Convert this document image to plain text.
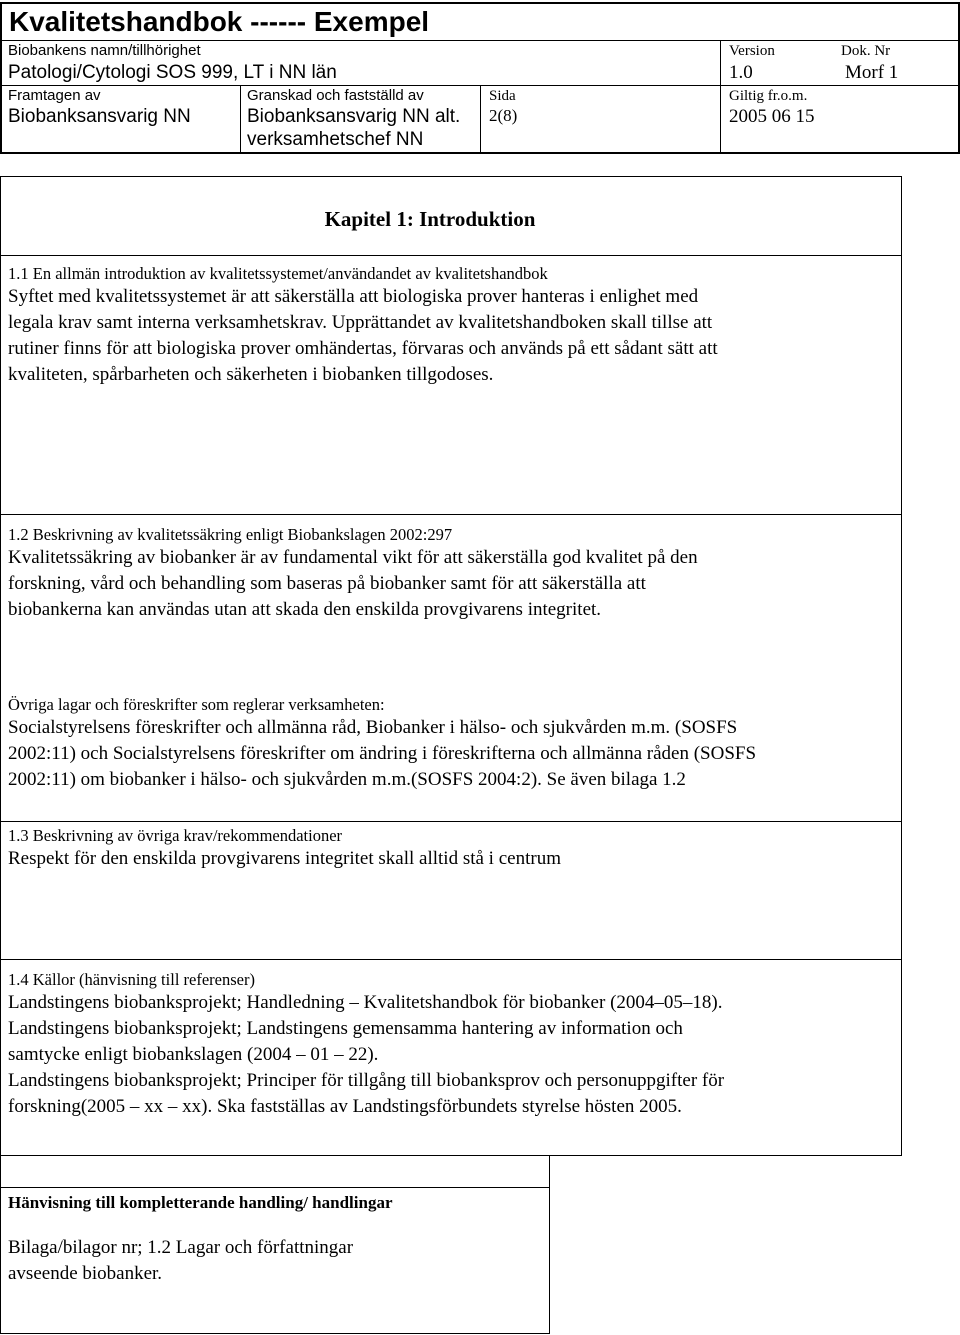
Kvalitetshandbok ------ Exempel
Biobankens namn/tillhörighet
Patologi/Cytologi SOS 999, LT i NN län
Version
1.0
Dok. Nr
Morf 1
Framtagen av
Biobanksansvarig NN
Granskad och fastställd av
Biobanksansvarig NN alt.
verksamhetschef NN
Sida
2(8)
Giltig fr.o.m.
2005 06 15
Kapitel 1: Introduktion
1.1 En allmän introduktion av kvalitetssystemet/användandet av kvalitetshandbok
Syftet med kvalitetssystemet är att säkerställa att biologiska prover hanteras i enlighet med
legala krav samt interna verksamhetskrav. Upprättandet av kvalitetshandboken skall tillse att
rutiner finns för att biologiska prover omhändertas, förvaras och används på ett sådant sätt att
kvaliteten, spårbarheten och säkerheten i biobanken tillgodoses.
1.2 Beskrivning av kvalitetssäkring enligt Biobankslagen 2002:297
Kvalitetssäkring av biobanker är av fundamental vikt för att säkerställa god kvalitet på den
forskning, vård och behandling som baseras på biobanker samt för att säkerställa att
biobankerna kan användas utan att skada den enskilda provgivarens integritet.
Övriga lagar och föreskrifter som reglerar verksamheten:
Socialstyrelsens föreskrifter och allmänna råd, Biobanker i hälso- och sjukvården m.m. (SOSFS
2002:11) och Socialstyrelsens föreskrifter om ändring i föreskrifterna och allmänna råden (SOSFS
2002:11) om biobanker i hälso- och sjukvården m.m.(SOSFS 2004:2). Se även bilaga 1.2
1.3 Beskrivning av övriga krav/rekommendationer
Respekt för den enskilda provgivarens integritet skall alltid stå i centrum
1.4 Källor (hänvisning till referenser)
Landstingens biobanksprojekt; Handledning – Kvalitetshandbok för biobanker (2004–05–18).
Landstingens biobanksprojekt; Landstingens gemensamma hantering av information och
samtycke enligt biobankslagen (2004 – 01 – 22).
Landstingens biobanksprojekt; Principer för tillgång till biobanksprov och personuppgifter för
forskning(2005 – xx – xx). Ska fastställas av Landstingsförbundets styrelse hösten 2005.
Hänvisning till kompletterande handling/ handlingar
Bilaga/bilagor nr; 1.2 Lagar och författningar
avseende biobanker.
